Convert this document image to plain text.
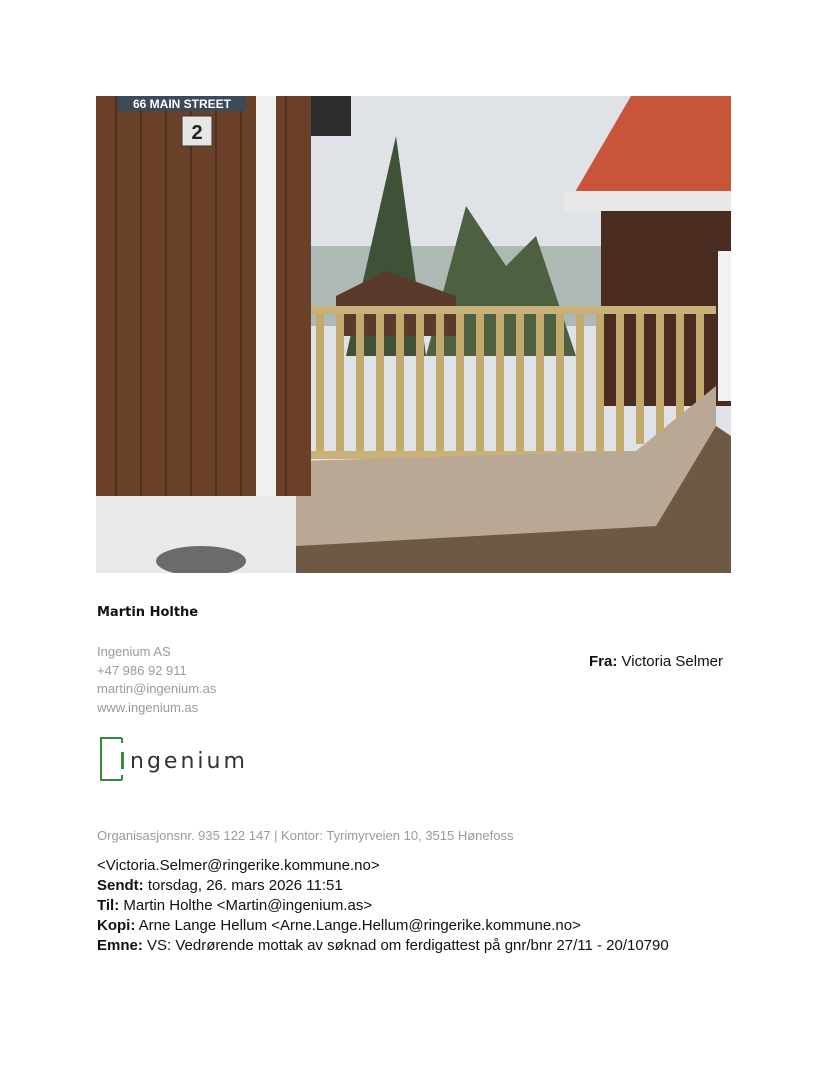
66 MAIN STREET
2
Martin Holthe
Ingenium AS
+47 986 92 911
martin@ingenium.as
www.ingenium.as
ngenium
Organisasjonsnr. 935 122 147 | Kontor: Tyrimyrveien 10, 3515 Hønefoss
Fra: Victoria Selmer
<Victoria.Selmer@ringerike.kommune.no>
Sendt: torsdag, 26. mars 2026 11:51
Til: Martin Holthe <Martin@ingenium.as>
Kopi: Arne Lange Hellum <Arne.Lange.Hellum@ringerike.kommune.no>
Emne: VS: Vedrørende mottak av søknad om ferdigattest på gnr/bnr 27/11 - 20/10790
